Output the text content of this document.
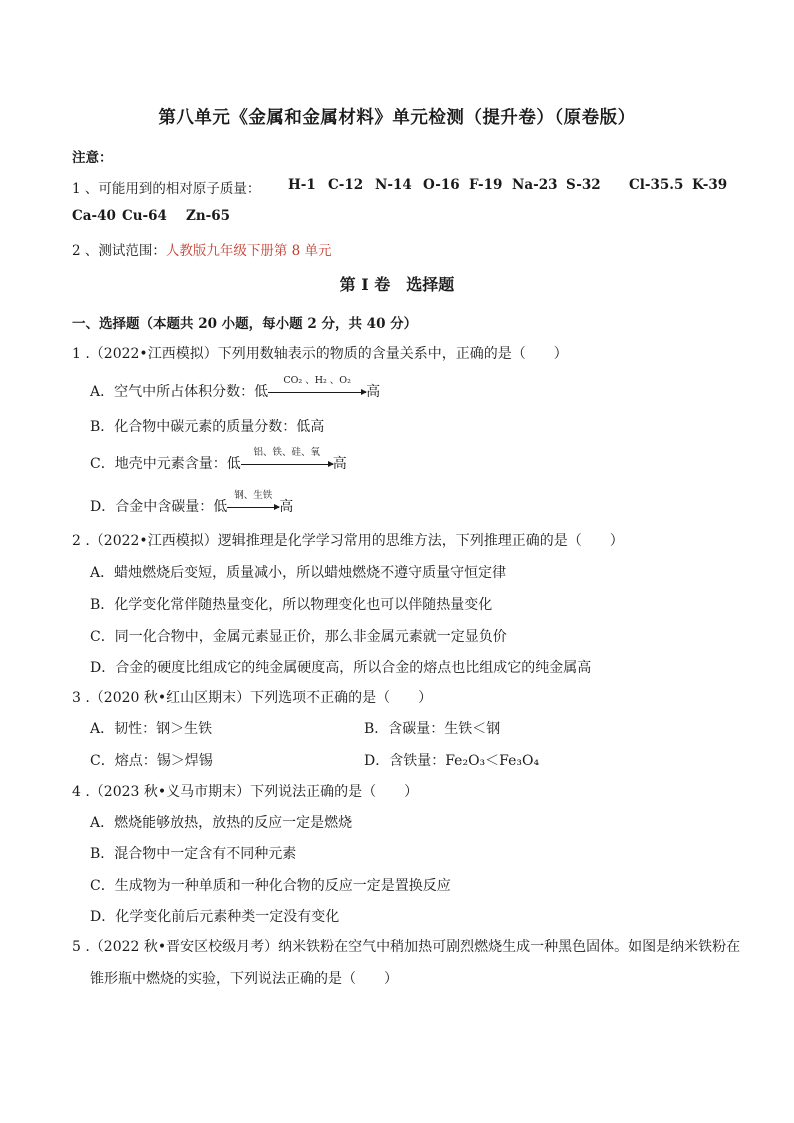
第八单元《金属和金属材料》单元检测（提升卷）（原卷版）
注意：
1 、可能用到的相对原子质量： H-1 C-12 N-14 O-16 F-19 Na-23 S-32 Cl-35.5 K-39
Ca-40 Cu-64 Zn-65
2 、测试范围：人教版九年级下册第 8 单元
第 I 卷　选择题
一、选择题（本题共 20 小题，每小题 2 分，共 40 分）
1 .（2022•江西模拟）下列用数轴表示的物质的含量关系中，正确的是（　　）
A．空气中所占体积分数：低
CO₂ 、H₂ 、O₂
高
B．化合物中碳元素的质量分数：低高
C．地壳中元素含量：低
铝、铁、硅、氧
高
D．合金中含碳量：低
钢、生铁
高
2 .（2022•江西模拟）逻辑推理是化学学习常用的思维方法，下列推理正确的是（　　）
A．蜡烛燃烧后变短，质量减小，所以蜡烛燃烧不遵守质量守恒定律
B．化学变化常伴随热量变化，所以物理变化也可以伴随热量变化
C．同一化合物中，金属元素显正价，那么非金属元素就一定显负价
D．合金的硬度比组成它的纯金属硬度高，所以合金的熔点也比组成它的纯金属高
3 .（2020 秋•红山区期末）下列选项不正确的是（　　）
A．韧性：钢＞生铁	B．含碳量：生铁＜钢
C．熔点：锡＞焊锡	D．含铁量：Fe₂O₃＜Fe₃O₄
4 .（2023 秋•义马市期末）下列说法正确的是（　　）
A．燃烧能够放热，放热的反应一定是燃烧
B．混合物中一定含有不同种元素
C．生成物为一种单质和一种化合物的反应一定是置换反应
D．化学变化前后元素种类一定没有变化
5 .（2022 秋•晋安区校级月考）纳米铁粉在空气中稍加热可剧烈燃烧生成一种黑色固体。如图是纳米铁粉在
锥形瓶中燃烧的实验，下列说法正确的是（　　）
